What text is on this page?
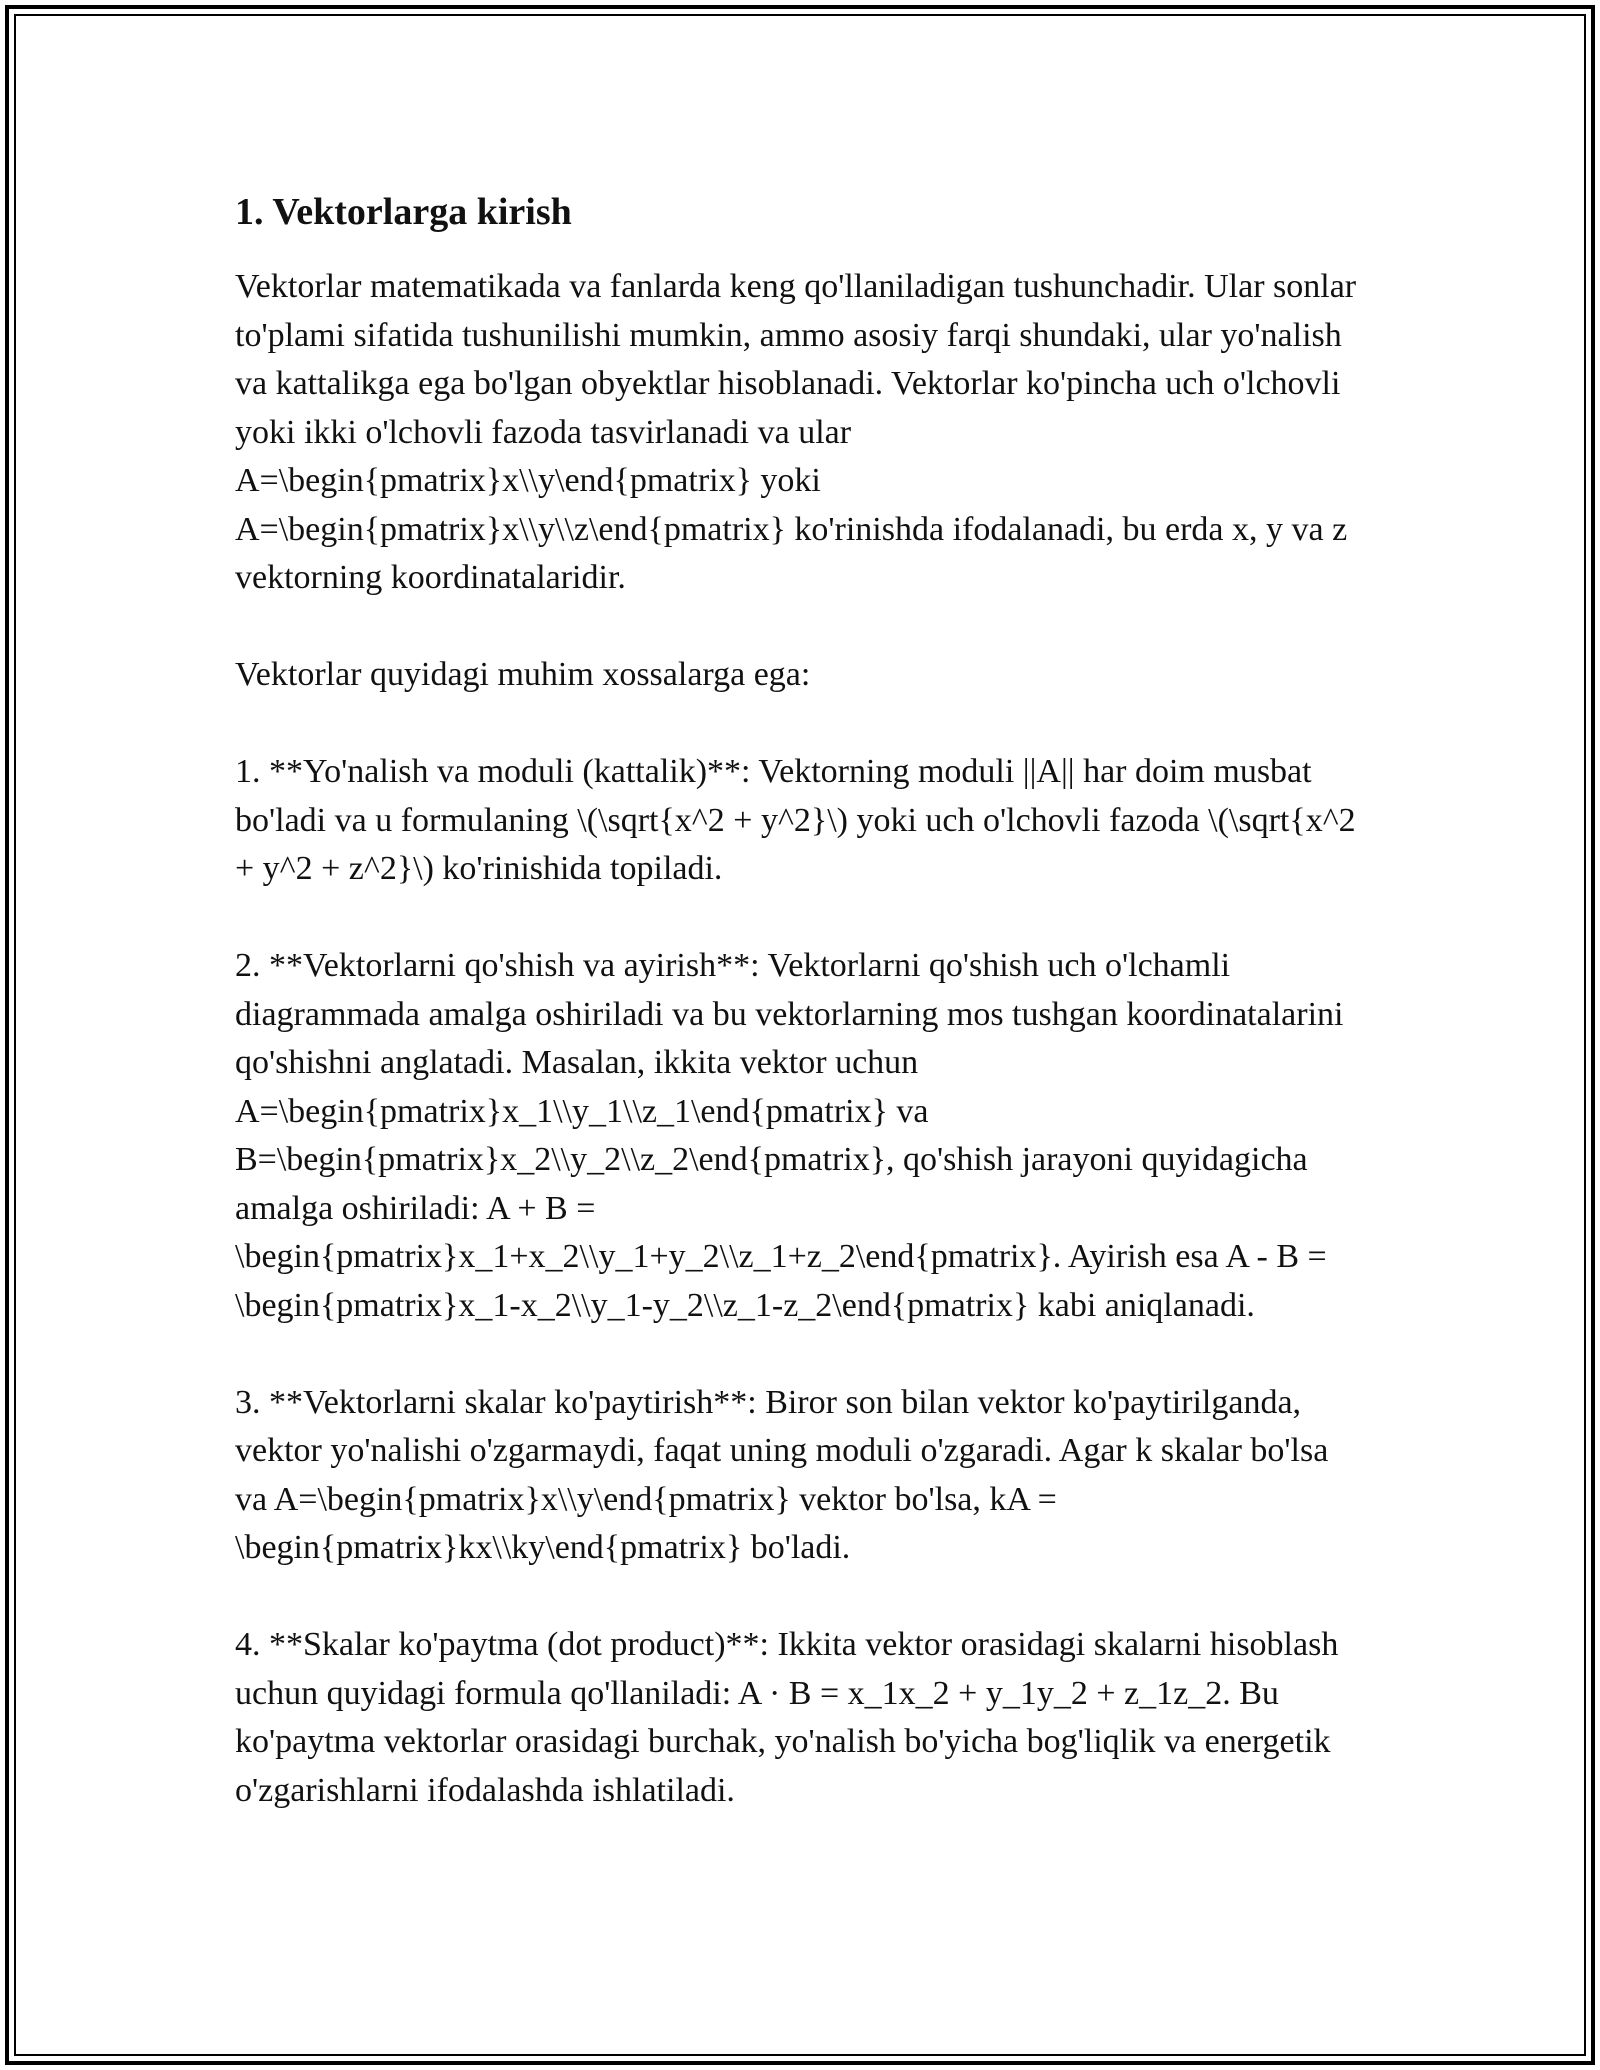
1. Vektorlarga kirish

Vektorlar matematikada va fanlarda keng qo'llaniladigan tushunchadir. Ular sonlar to'plami sifatida tushunilishi mumkin, ammo asosiy farqi shundaki, ular yo'nalish va kattalikga ega bo'lgan obyektlar hisoblanadi. Vektorlar ko'pincha uch o'lchovli yoki ikki o'lchovli fazoda tasvirlanadi va ular A=\begin{pmatrix}x\\y\end{pmatrix} yoki A=\begin{pmatrix}x\\y\\z\end{pmatrix} ko'rinishda ifodalanadi, bu erda x, y va z vektorning koordinatalaridir.

Vektorlar quyidagi muhim xossalarga ega:

1. **Yo'nalish va moduli (kattalik)**: Vektorning moduli ||A|| har doim musbat bo'ladi va u formulaning \(\sqrt{x^2 + y^2}\) yoki uch o'lchovli fazoda \(\sqrt{x^2 + y^2 + z^2}\) ko'rinishida topiladi.

2. **Vektorlarni qo'shish va ayirish**: Vektorlarni qo'shish uch o'lchamli diagrammada amalga oshiriladi va bu vektorlarning mos tushgan koordinatalarini qo'shishni anglatadi. Masalan, ikkita vektor uchun A=\begin{pmatrix}x_1\\y_1\\z_1\end{pmatrix} va B=\begin{pmatrix}x_2\\y_2\\z_2\end{pmatrix}, qo'shish jarayoni quyidagicha amalga oshiriladi: A + B = \begin{pmatrix}x_1+x_2\\y_1+y_2\\z_1+z_2\end{pmatrix}. Ayirish esa A - B = \begin{pmatrix}x_1-x_2\\y_1-y_2\\z_1-z_2\end{pmatrix} kabi aniqlanadi.

3. **Vektorlarni skalar ko'paytirish**: Biror son bilan vektor ko'paytirilganda, vektor yo'nalishi o'zgarmaydi, faqat uning moduli o'zgaradi. Agar k skalar bo'lsa va A=\begin{pmatrix}x\\y\end{pmatrix} vektor bo'lsa, kA = \begin{pmatrix}kx\\ky\end{pmatrix} bo'ladi.

4. **Skalar ko'paytma (dot product)**: Ikkita vektor orasidagi skalarni hisoblash uchun quyidagi formula qo'llaniladi: A · B = x_1x_2 + y_1y_2 + z_1z_2. Bu ko'paytma vektorlar orasidagi burchak, yo'nalish bo'yicha bog'liqlik va energetik o'zgarishlarni ifodalashda ishlatiladi.
